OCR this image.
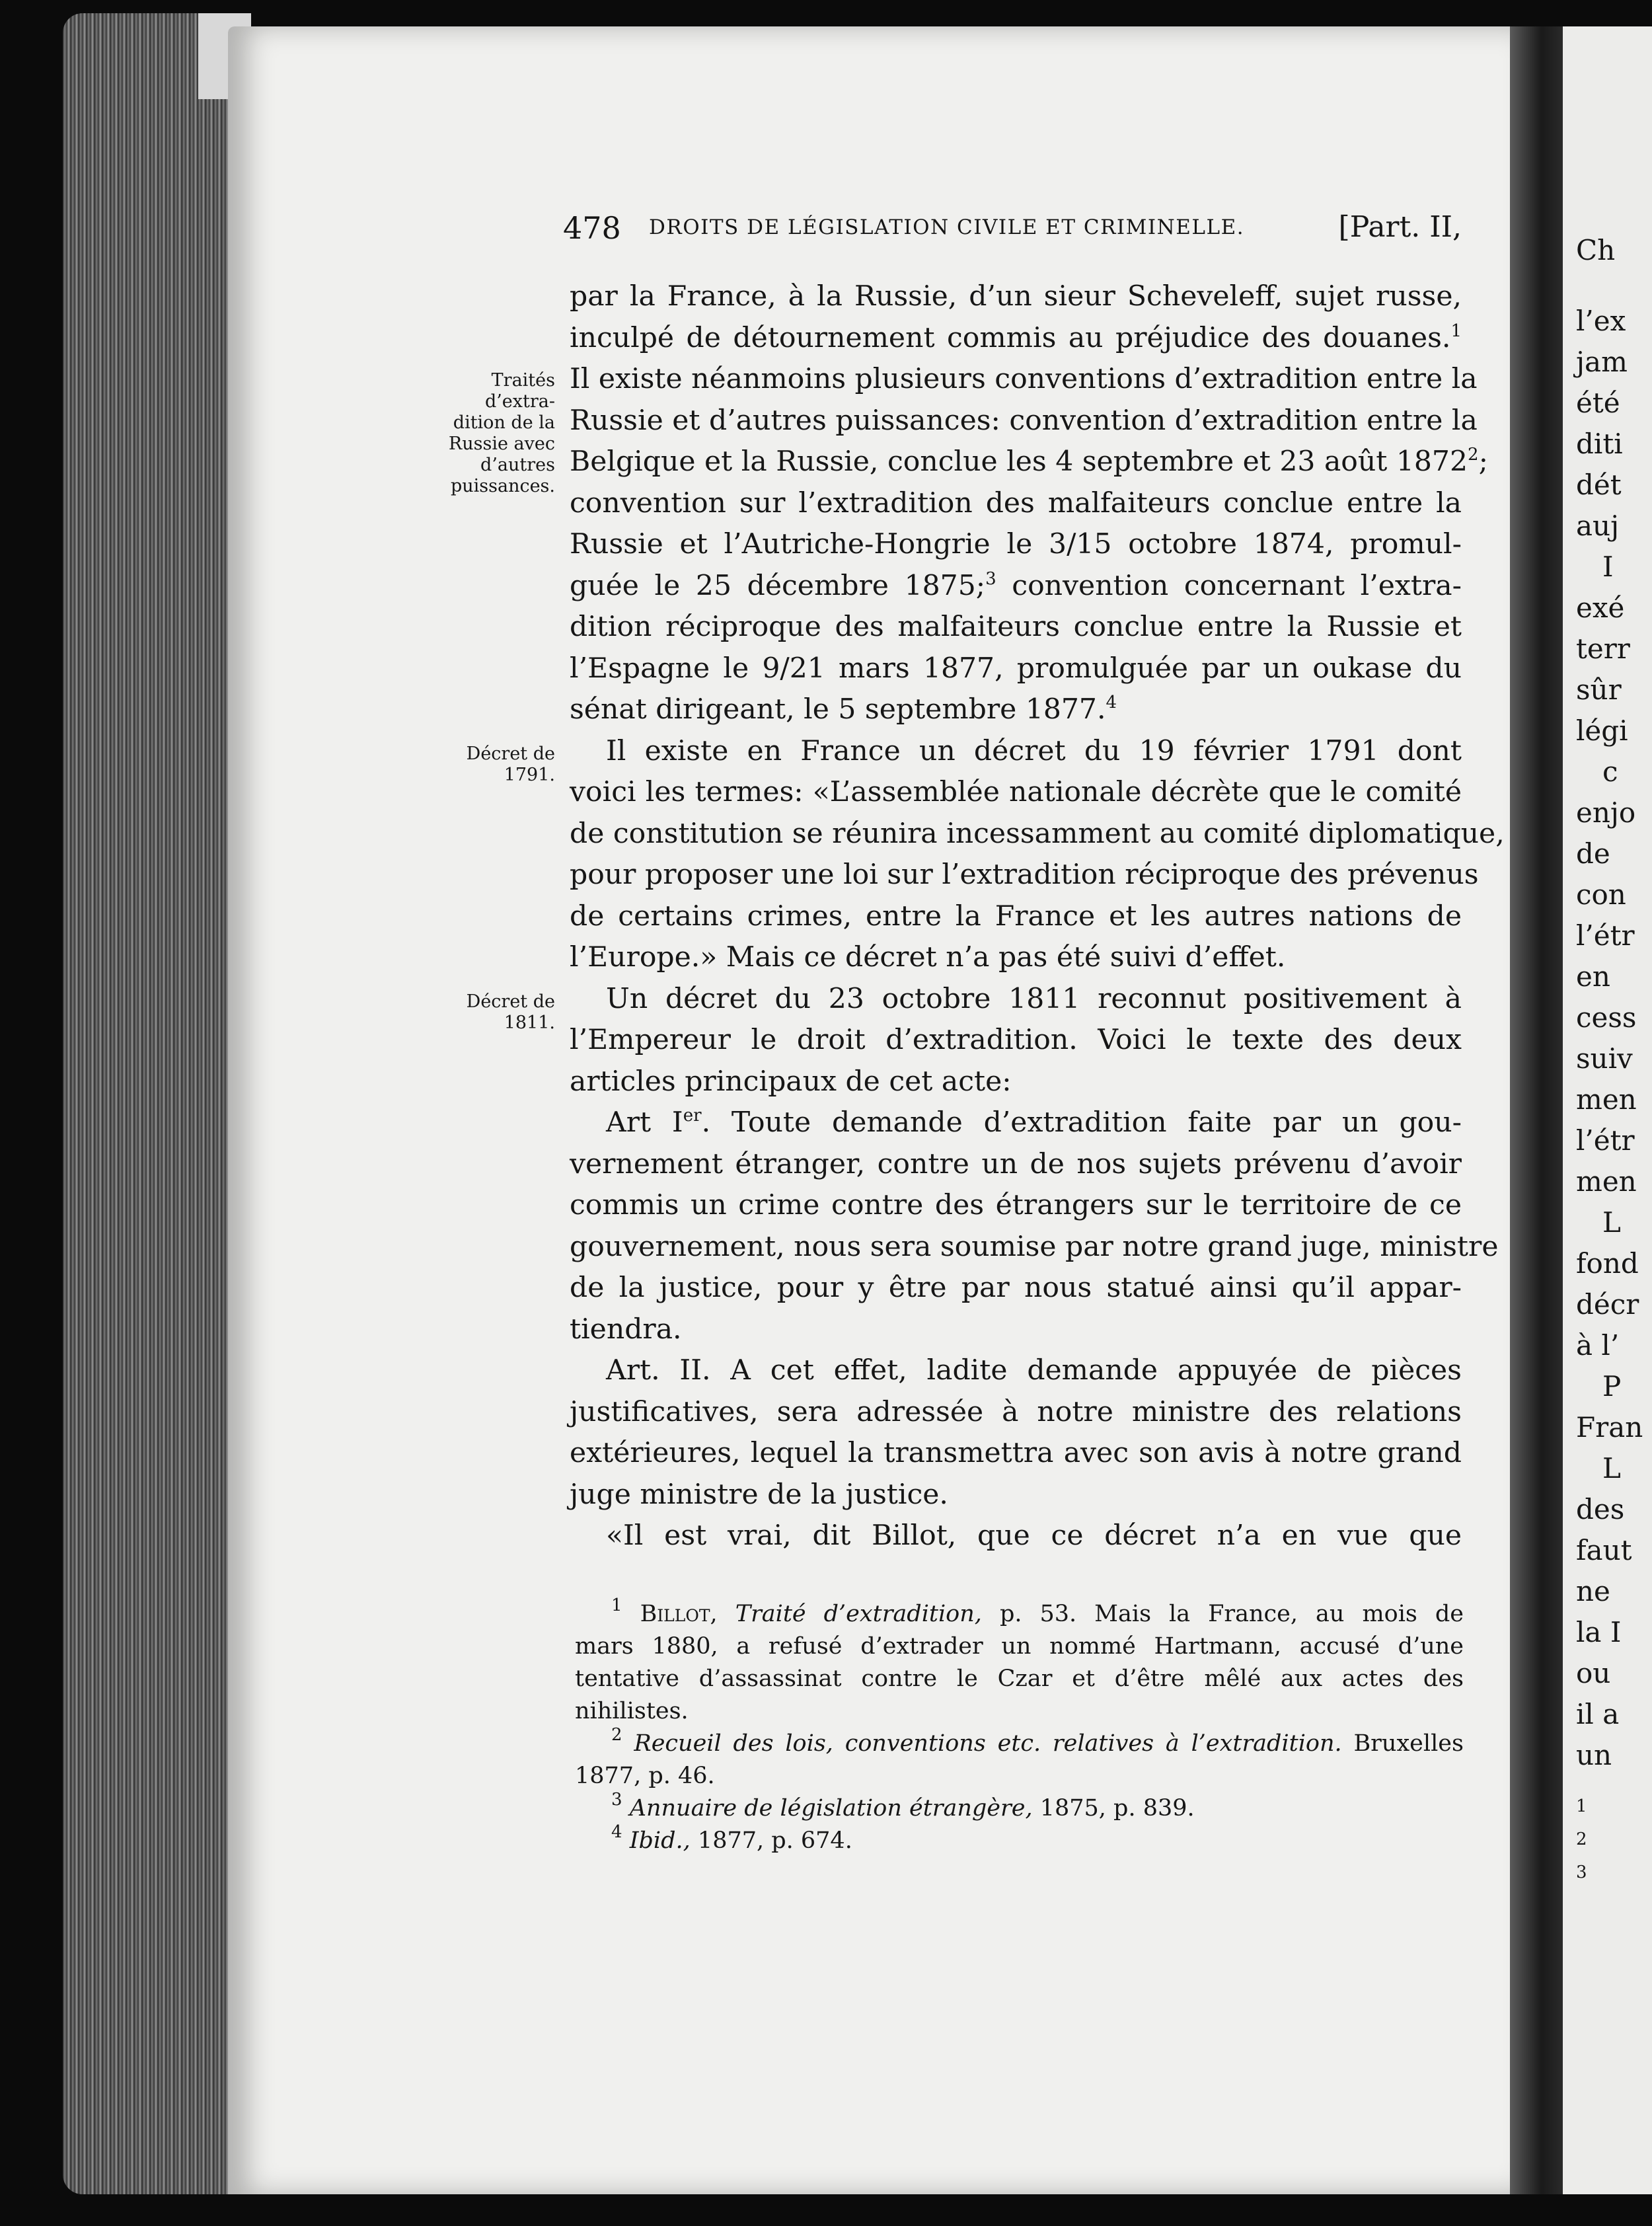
Ch
l’ex
jam
été
diti
dét
auj
I
exé
terr
sûr
légi
c
enjo
de
con
l’étr
en
cess
suiv
men
l’étr
men
L
fond
décr
à l’
P
Fran
L
des
faut
ne
la I
ou
il a
un
1
2
3
478 DROITS DE LÉGISLATION CIVILE ET CRIMINELLE.	[Part. II,
Traités
d’extra-
dition de la
Russie avec
d’autres
puissances.
Décret de
1791.
Décret de
1811.
par la France, à la Russie, d’un sieur Scheveleff, sujet russe,
inculpé de détournement commis au préjudice des douanes.$^1$
Il existe néanmoins plusieurs conventions d’extradition entre la
Russie et d’autres puissances: convention d’extradition entre la
Belgique et la Russie, conclue les 4 septembre et 23 août 1872$^2$
convention sur l’extradition des malfaiteurs conclue entre la
Russie et l’Autriche-Hongrie le 3/15 octobre 1874, promul-
guée le 25 décembre 1875;$^3$ convention concernant l’extra-
dition réciproque des malfaiteurs conclue entre la Russie et
l’Espagne le 9/21 mars 1877, promulguée par un oukase du
sénat dirigeant, le 5 septembre 1877.$^4$
Il existe en France un décret du 19 février 1791 dont
voici les termes: «L’assemblée nationale décrète que le comité
de constitution se réunira incessamment au comité diplomatique,
pour proposer une loi sur l’extradition réciproque des prévenus
de certains crimes, entre la France et les autres nations de
l’Europe.» Mais ce décret n’a pas été suivi d’effet.
Un décret du 23 octobre 1811 reconnut positivement à
l’Empereur le droit d’extradition. Voici le texte des deux
articles principaux de cet acte:
Art Ier. Toute demande d’extradition faite par un gou-
vernement étranger, contre un de nos sujets prévenu d’avoir
commis un crime contre des étrangers sur le territoire de ce
gouvernement, nous sera soumise par notre grand juge, ministre
de la justice, pour y être par nous statué ainsi qu’il appar-
tiendra.
Art. II. A cet effet, ladite demande appuyée de pièces
justificatives, sera adressée à notre ministre des relations
extérieures, lequel la transmettra avec son avis à notre grand
juge ministre de la justice.
«Il est vrai, dit Billot, que ce décret n’a en vue que
$^1$ Billot, Traité d’extradition, p. 53. Mais la France, au mois de
mars 1880, a refusé d’extrader un nommé Hartmann, accusé d’une
tentative d’assassinat contre le Czar et d’être mêlé aux actes des
nihilistes.
$^2$ Recueil des lois, conventions etc. relatives à l’extradition. Bruxelles
1877, p. 46.
$^3$ Annuaire de législation étrangère, 1875, p. 839.
$^4$ Ibid., 1877, p. 674.
